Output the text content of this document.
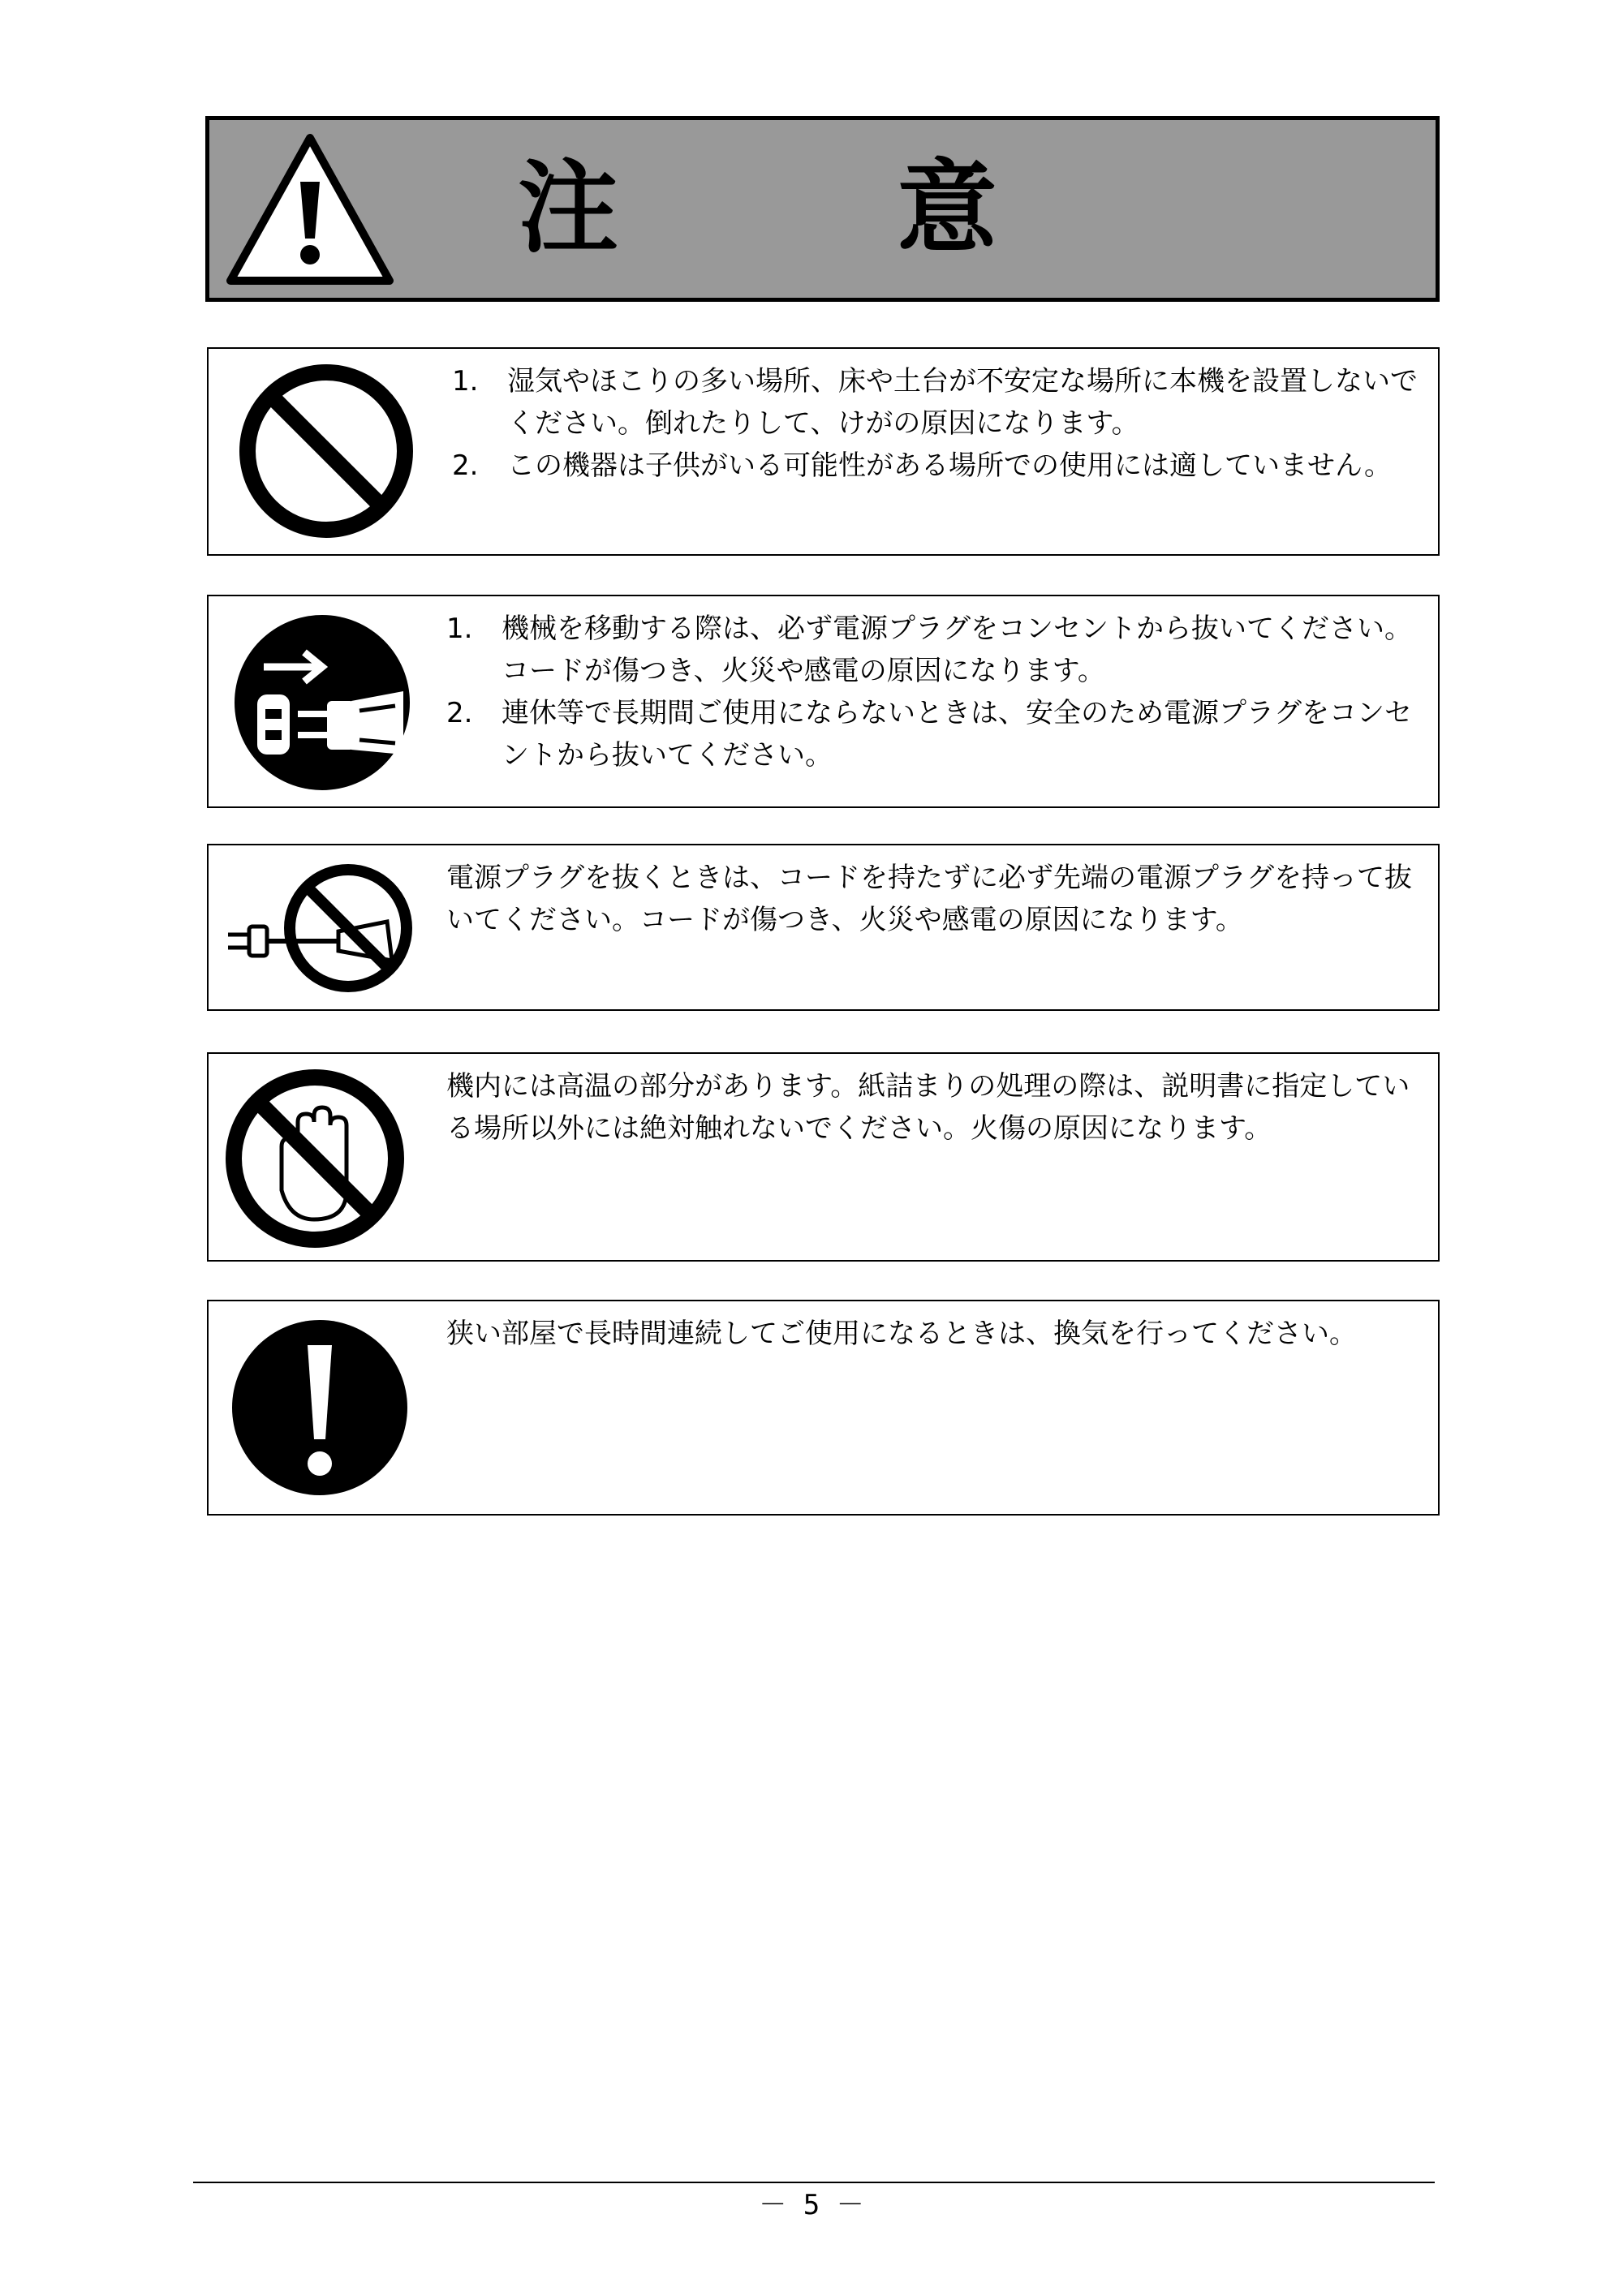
注 意
1. 湿気やほこりの多い場所、床や土台が不安定な場所に本機を設置しないでください。倒れたりして、けがの原因になります。
2. この機器は子供がいる可能性がある場所での使用には適していません。
1. 機械を移動する際は、必ず電源プラグをコンセントから抜いてください。コードが傷つき、火災や感電の原因になります。
2. 連休等で長期間ご使用にならないときは、安全のため電源プラグをコンセントから抜いてください。

電源プラグを抜くときは、コードを持たずに必ず先端の電源プラグを持って抜いてください。コードが傷つき、火災や感電の原因になります。

機内には高温の部分があります。紙詰まりの処理の際は、説明書に指定している場所以外には絶対触れないでください。火傷の原因になります。

狭い部屋で長時間連続してご使用になるときは、換気を行ってください。

－ 5 －
